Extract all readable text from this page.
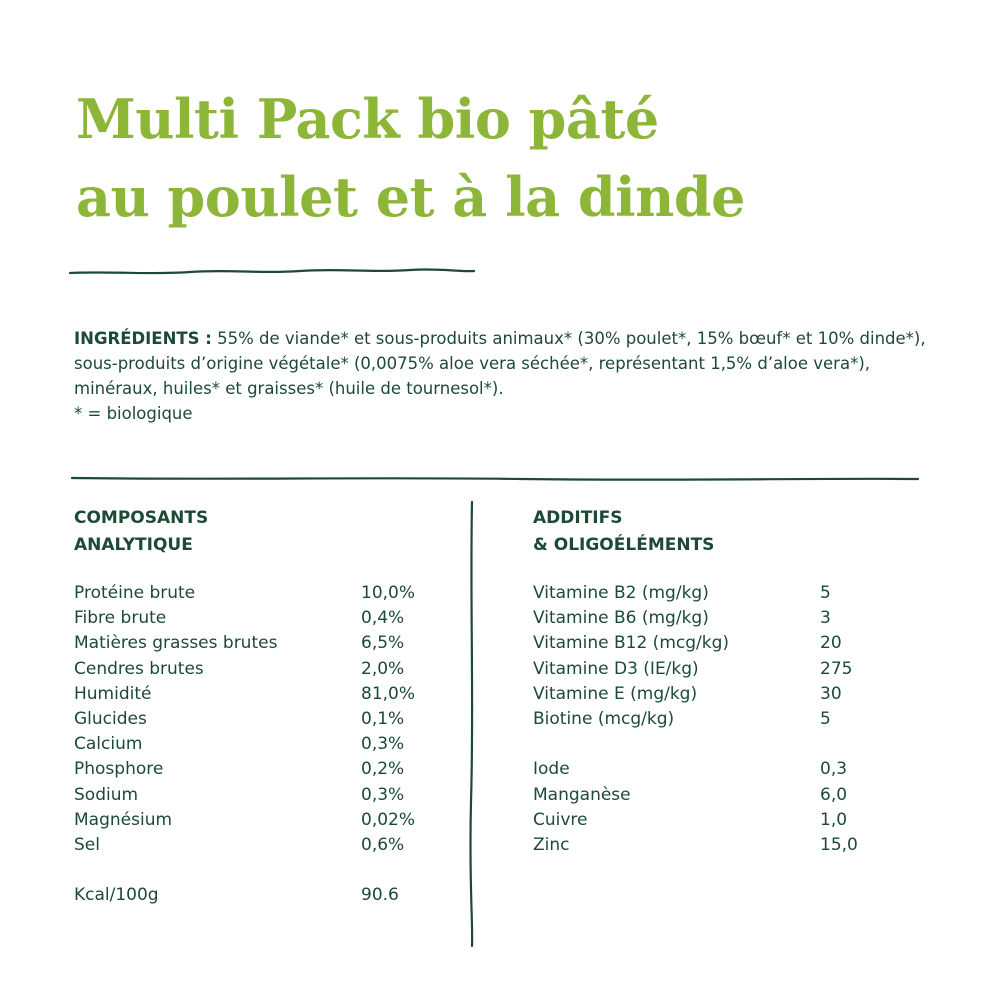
Multi Pack bio pâté
au poulet et à la dinde
INGRÉDIENTS : 55% de viande* et sous-produits animaux* (30% poulet*, 15% bœuf* et 10% dinde*), sous-produits d’origine végétale* (0,0075% aloe vera séchée*, représentant 1,5% d’aloe vera*), minéraux, huiles* et graisses* (huile de tournesol*).
* = biologique
COMPOSANTS
ANALYTIQUE
Protéine brute	10,0%
Fibre brute	0,4%
Matières grasses brutes	6,5%
Cendres brutes	2,0%
Humidité	81,0%
Glucides	0,1%
Calcium	0,3%
Phosphore	0,2%
Sodium	0,3%
Magnésium	0,02%
Sel	0,6%
Kcal/100g	90.6
ADDITIFS
& OLIGOÉLÉMENTS
Vitamine B2 (mg/kg)	5
Vitamine B6 (mg/kg)	3
Vitamine B12 (mcg/kg)	20
Vitamine D3 (IE/kg)	275
Vitamine E (mg/kg)	30
Biotine (mcg/kg)	5
Iode	0,3
Manganèse	6,0
Cuivre	1,0
Zinc	15,0
